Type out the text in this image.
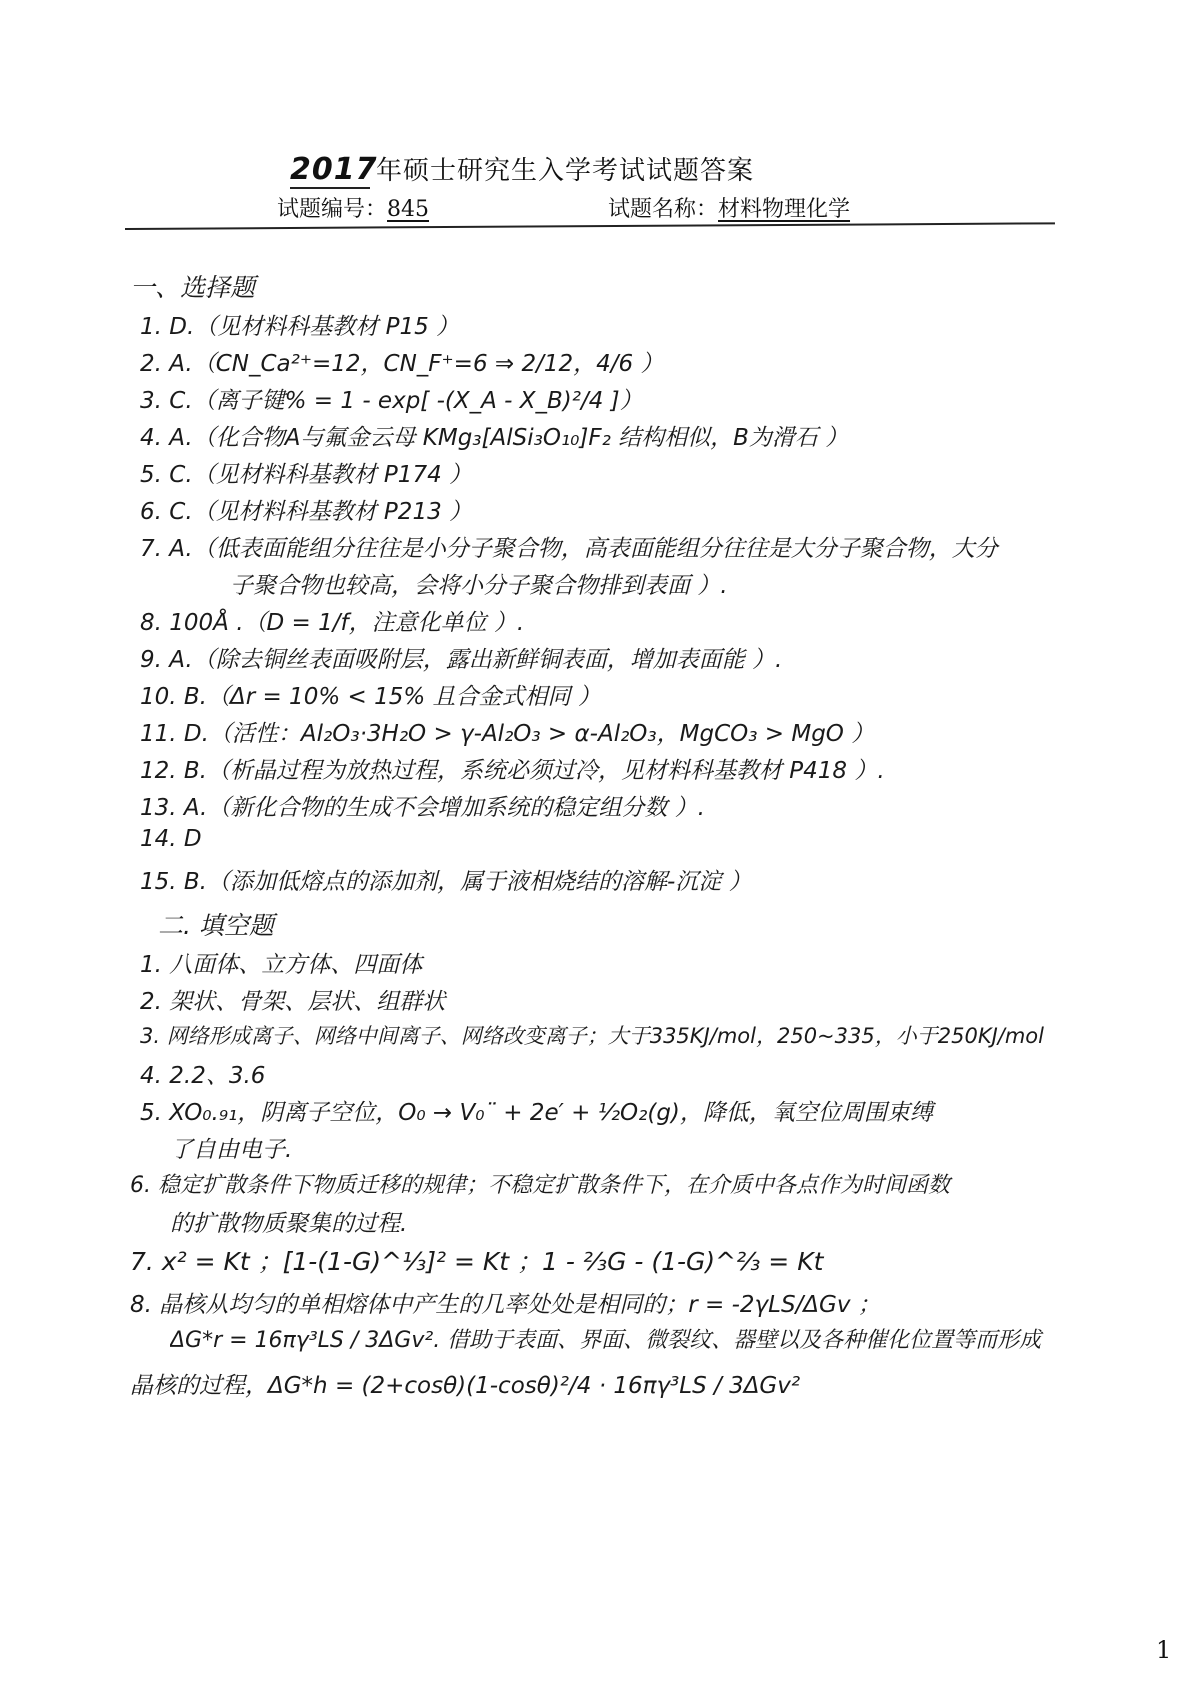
2017年硕士研究生入学考试试题答案
试题编号：845	试题名称：材料物理化学
一、选择题
1. D.（见材料科基教材 P15 ）
2. A.（CN_Ca²⁺=12，CN_F⁺=6 ⇒ 2/12，4/6 ）
3. C.（离子键% = 1 - exp[ -(X_A - X_B)²/4 ]）
4. A.（化合物A与氟金云母 KMg₃[AlSi₃O₁₀]F₂ 结构相似，B为滑石 ）
5. C.（见材料科基教材 P174 ）
6. C.（见材料科基教材 P213 ）
7. A.（低表面能组分往往是小分子聚合物，高表面能组分往往是大分子聚合物，大分
子聚合物也较高，会将小分子聚合物排到表面 ）.
8. 100Å .（D = 1/f，注意化单位 ）.
9. A.（除去铜丝表面吸附层，露出新鲜铜表面，增加表面能 ）.
10. B.（Δr = 10% < 15% 且合金式相同 ）
11. D.（活性：Al₂O₃·3H₂O > γ-Al₂O₃ > α-Al₂O₃，MgCO₃ > MgO ）
12. B.（析晶过程为放热过程，系统必须过冷，见材料科基教材 P418 ）.
13. A.（新化合物的生成不会增加系统的稳定组分数 ）.
14. D
15. B.（添加低熔点的添加剂，属于液相烧结的溶解-沉淀 ）
二. 填空题
1. 八面体、立方体、四面体
2. 架状、骨架、层状、组群状
3. 网络形成离子、网络中间离子、网络改变离子；大于335KJ/mol，250~335，小于250KJ/mol
4. 2.2、3.6
5. XO₀.₉₁，阴离子空位，O₀ → V₀¨ + 2e′ + ½O₂(g)，降低，氧空位周围束缚
了自由电子.
6. 稳定扩散条件下物质迁移的规律；不稳定扩散条件下，在介质中各点作为时间函数
的扩散物质聚集的过程.
7. x² = Kt ；[1-(1-G)^⅓]² = Kt ；1 - ⅔G - (1-G)^⅔ = Kt
8. 晶核从均匀的单相熔体中产生的几率处处是相同的；r = -2γLS/ΔGv ；
ΔG*r = 16πγ³LS / 3ΔGv². 借助于表面、界面、微裂纹、器壁以及各种催化位置等而形成
晶核的过程，ΔG*h = (2+cosθ)(1-cosθ)²/4 · 16πγ³LS / 3ΔGv²
1
